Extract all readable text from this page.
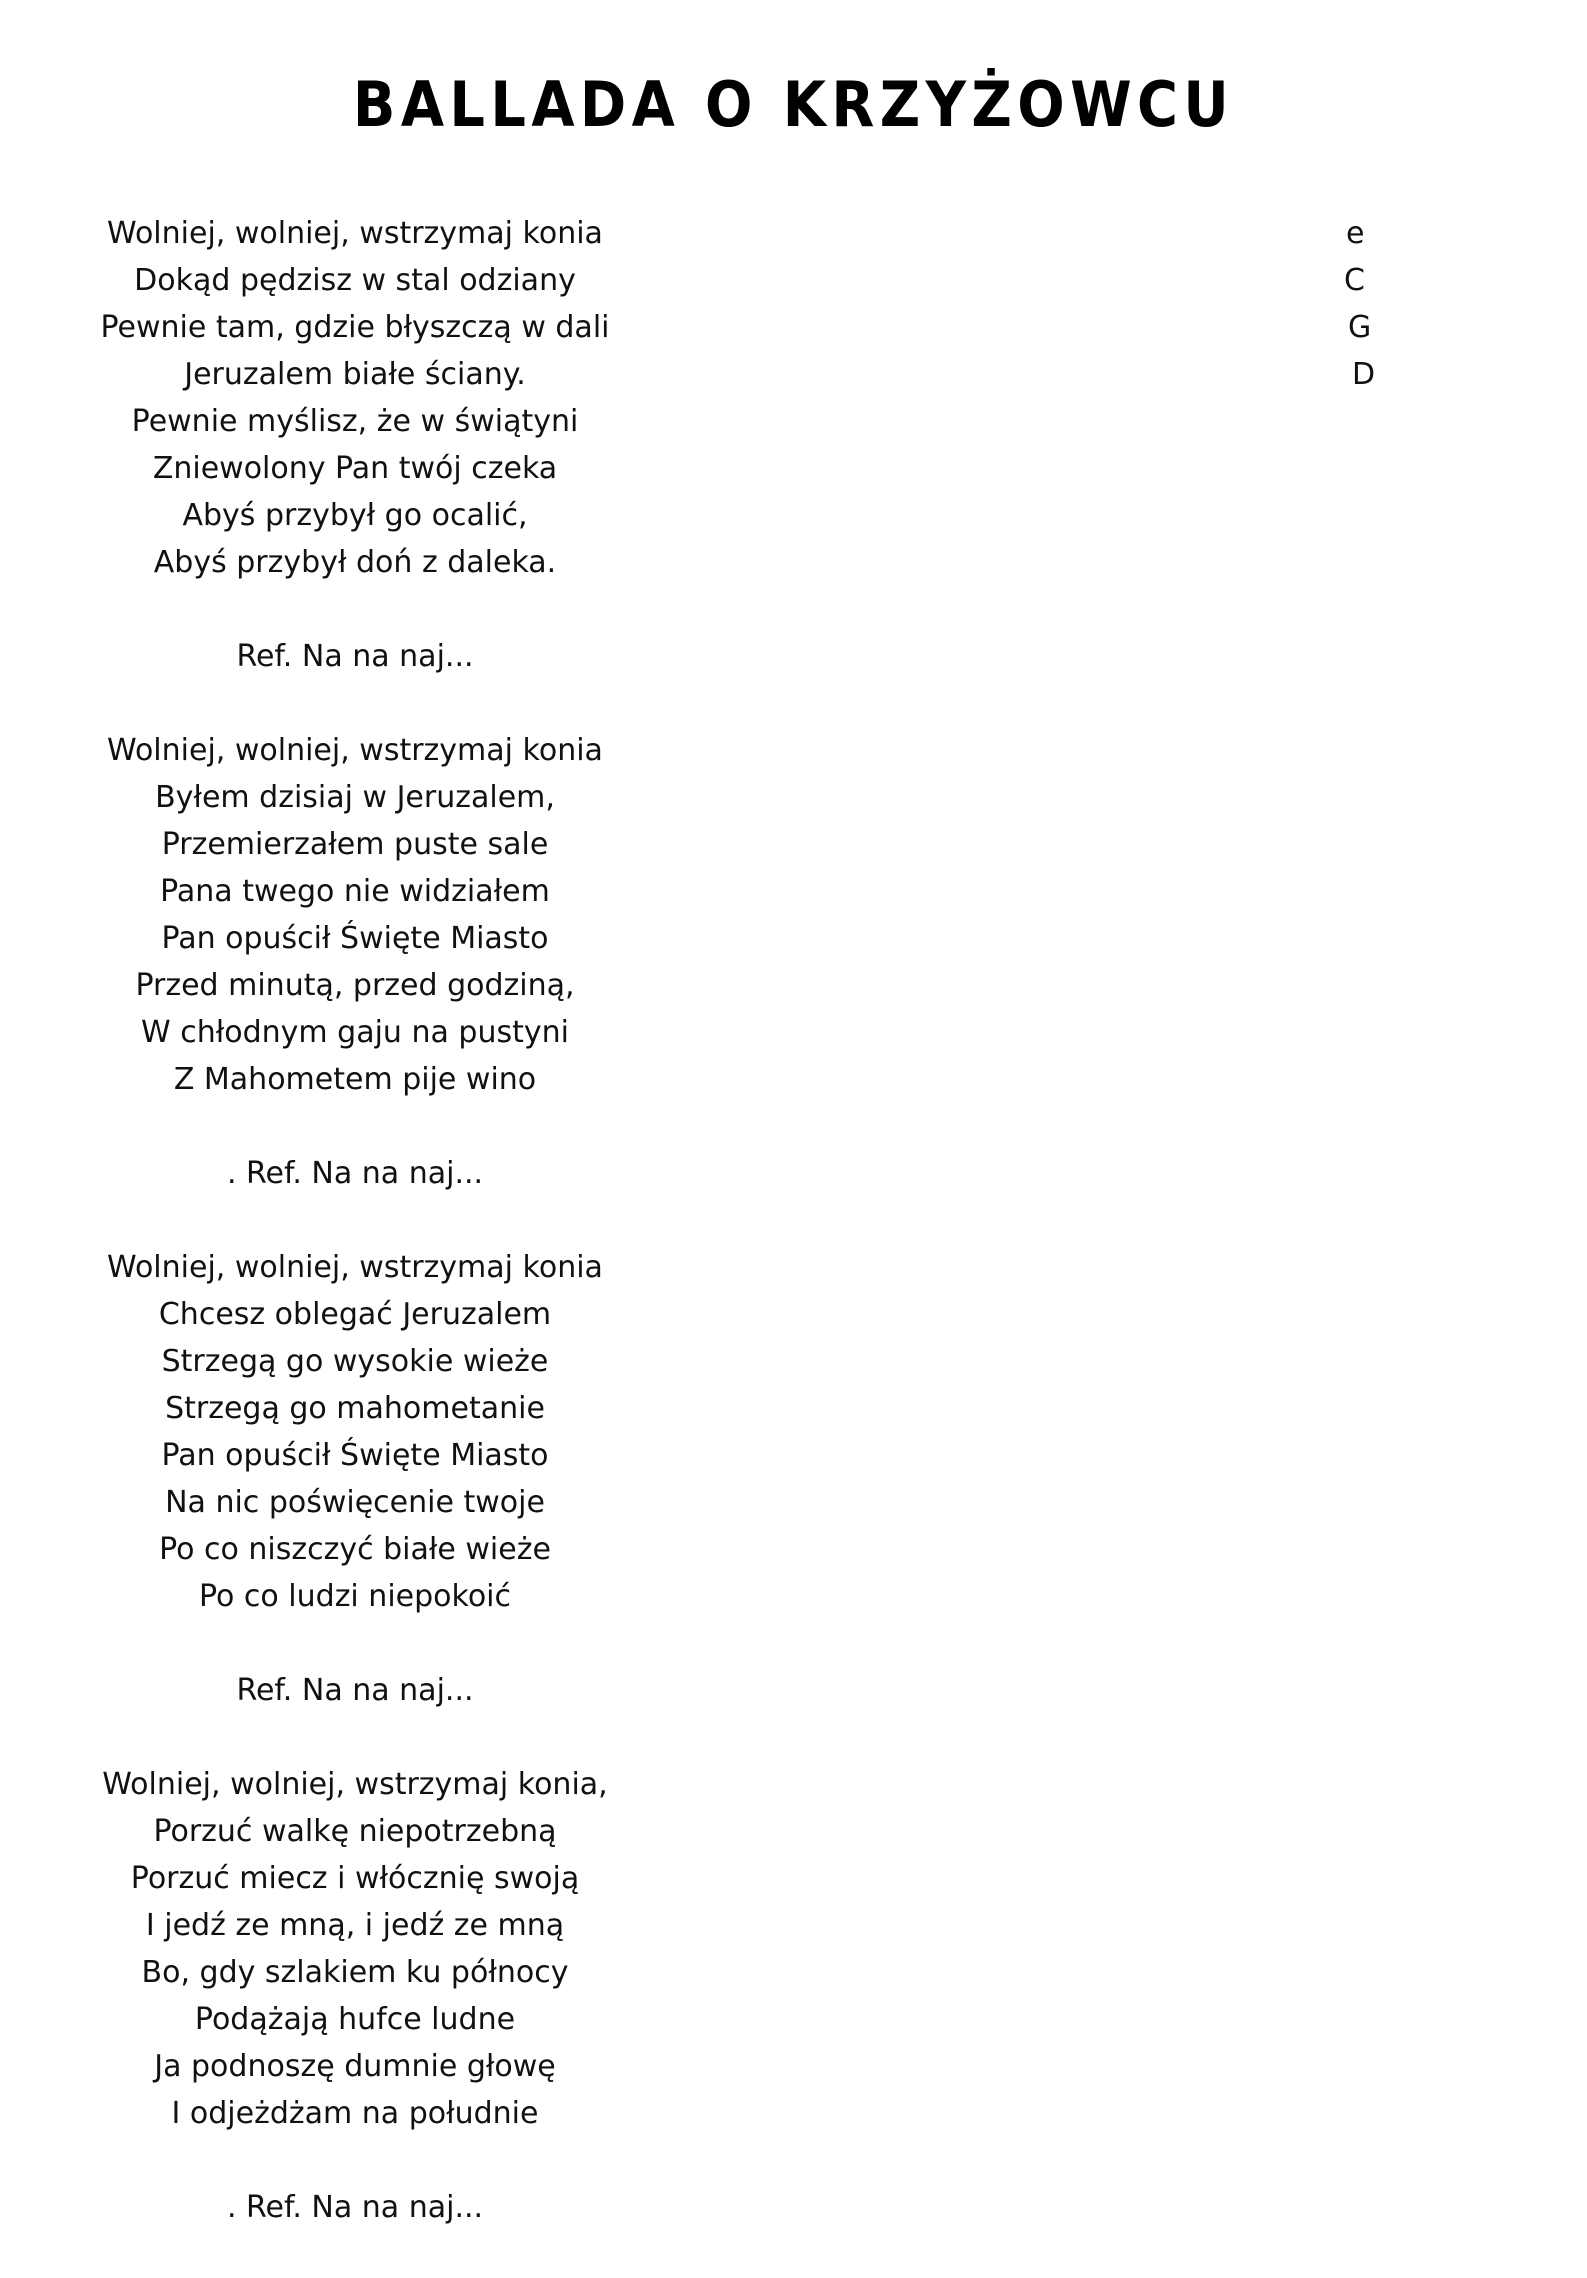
BALLADA O KRZYŻOWCU
Wolniej, wolniej, wstrzymaj konia
Dokąd pędzisz w stal odziany
Pewnie tam, gdzie błyszczą w dali
Jeruzalem białe ściany.
Pewnie myślisz, że w świątyni
Zniewolony Pan twój czeka
Abyś przybył go ocalić,
Abyś przybył doń z daleka.
Ref. Na na naj...
Wolniej, wolniej, wstrzymaj konia
Byłem dzisiaj w Jeruzalem,
Przemierzałem puste sale
Pana twego nie widziałem
Pan opuścił Święte Miasto
Przed minutą, przed godziną,
W chłodnym gaju na pustyni
Z Mahometem pije wino
. Ref. Na na naj...
Wolniej, wolniej, wstrzymaj konia
Chcesz oblegać Jeruzalem
Strzegą go wysokie wieże
Strzegą go mahometanie
Pan opuścił Święte Miasto
Na nic poświęcenie twoje
Po co niszczyć białe wieże
Po co ludzi niepokoić
Ref. Na na naj...
Wolniej, wolniej, wstrzymaj konia,
Porzuć walkę niepotrzebną
Porzuć miecz i włócznię swoją
I jedź ze mną, i jedź ze mną
Bo, gdy szlakiem ku północy
Podążają hufce ludne
Ja podnoszę dumnie głowę
I odjeżdżam na południe
. Ref. Na na naj...
e
C
G
D
